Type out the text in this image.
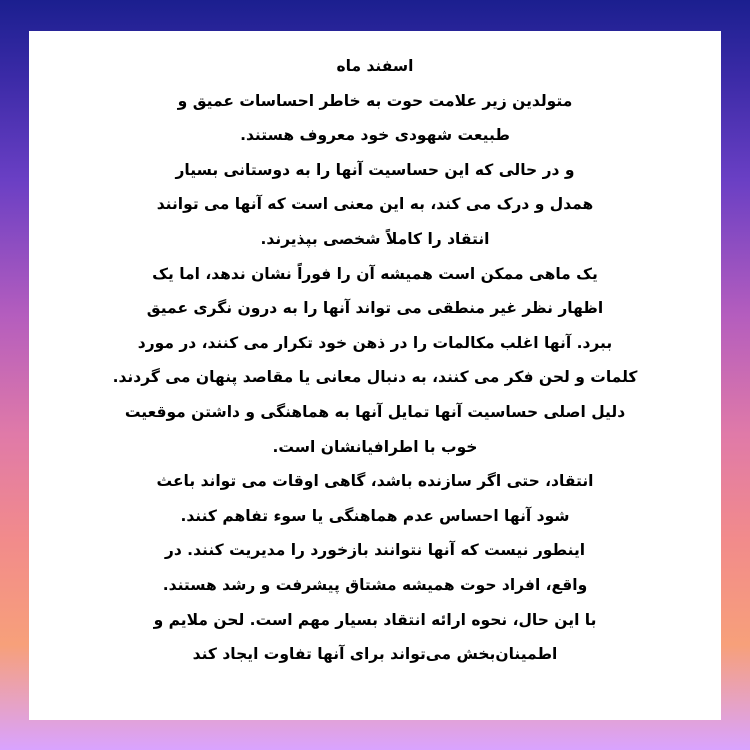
اسفند ماه
متولدین زیر علامت حوت به خاطر احساسات عمیق و
طبیعت شهودی خود معروف هستند.
و در حالی که این حساسیت آنها را به دوستانی بسیار
همدل و درک می کند، به این معنی است که آنها می توانند
انتقاد را کاملاً شخصی بپذیرند.
یک ماهی ممکن است همیشه آن را فوراً نشان ندهد، اما یک
اظهار نظر غیر منطقی می تواند آنها را به درون نگری عمیق
ببرد. آنها اغلب مکالمات را در ذهن خود تکرار می کنند، در مورد
کلمات و لحن فکر می کنند، به دنبال معانی یا مقاصد پنهان می گردند.
دلیل اصلی حساسیت آنها تمایل آنها به هماهنگی و داشتن موقعیت
خوب با اطرافیانشان است.
انتقاد، حتی اگر سازنده باشد، گاهی اوقات می تواند باعث
شود آنها احساس عدم هماهنگی یا سوء تفاهم کنند.
اینطور نیست که آنها نتوانند بازخورد را مدیریت کنند. در
واقع، افراد حوت همیشه مشتاق پیشرفت و رشد هستند.
با این حال، نحوه ارائه انتقاد بسیار مهم است. لحن ملایم و
اطمینان‌بخش می‌تواند برای آنها تفاوت ایجاد کند
